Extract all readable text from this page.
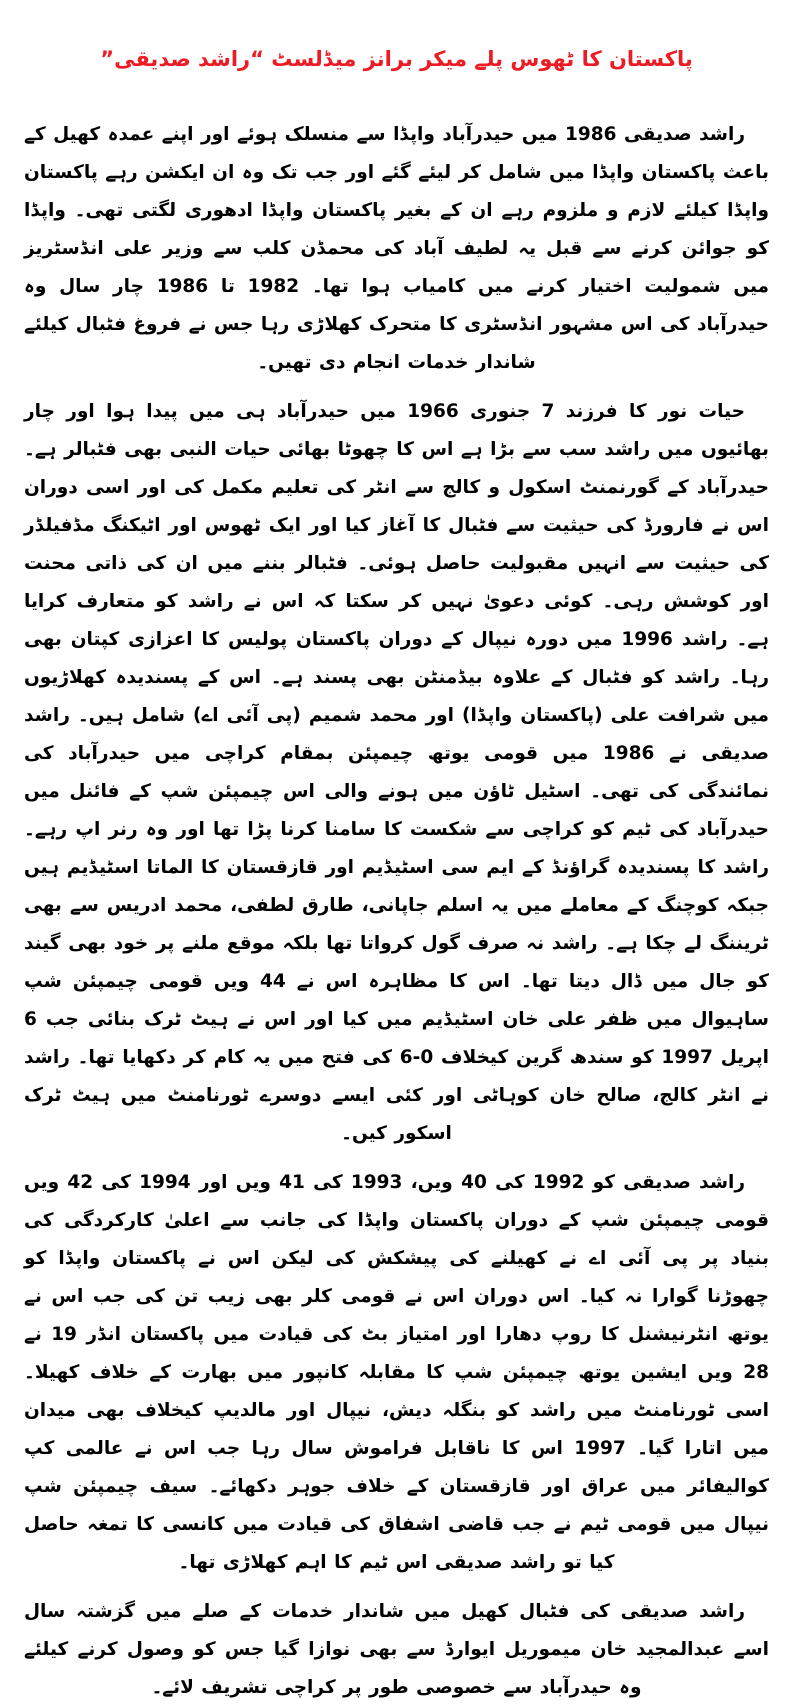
پاکستان کا ٹھوس پلے میکر برانز میڈلسٹ “راشد صدیقی”

راشد صدیقی 1986 میں حیدرآباد واپڈا سے منسلک ہوئے اور اپنے عمدہ کھیل کے باعث پاکستان واپڈا میں شامل کر لیئے گئے اور جب تک وہ ان ایکشن رہے پاکستان واپڈا کیلئے لازم و ملزوم رہے ان کے بغیر پاکستان واپڈا ادھوری لگتی تھی۔ واپڈا کو جوائن کرنے سے قبل یہ لطیف آباد کی محمڈن کلب سے وزیر علی انڈسٹریز میں شمولیت اختیار کرنے میں کامیاب ہوا تھا۔ 1982 تا 1986 چار سال وہ حیدرآباد کی اس مشہور انڈسٹری کا متحرک کھلاڑی رہا جس نے فروغ فٹبال کیلئے شاندار خدمات انجام دی تھیں۔

حیات نور کا فرزند 7 جنوری 1966 میں حیدرآباد ہی میں پیدا ہوا اور چار بھائیوں میں راشد سب سے بڑا ہے اس کا چھوٹا بھائی حیات النبی بھی فٹبالر ہے۔ حیدرآباد کے گورنمنٹ اسکول و کالج سے انٹر کی تعلیم مکمل کی اور اسی دوران اس نے فارورڈ کی حیثیت سے فٹبال کا آغاز کیا اور ایک ٹھوس اور اٹیکنگ مڈفیلڈر کی حیثیت سے انہیں مقبولیت حاصل ہوئی۔ فٹبالر بننے میں ان کی ذاتی محنت اور کوشش رہی۔ کوئی دعویٰ نہیں کر سکتا کہ اس نے راشد کو متعارف کرایا ہے۔ راشد 1996 میں دورہ نیپال کے دوران پاکستان پولیس کا اعزازی کپتان بھی رہا۔ راشد کو فٹبال کے علاوہ بیڈمنٹن بھی پسند ہے۔ اس کے پسندیدہ کھلاڑیوں میں شرافت علی (پاکستان واپڈا) اور محمد شمیم (پی آئی اے) شامل ہیں۔ راشد صدیقی نے 1986 میں قومی یوتھ چیمپئن بمقام کراچی میں حیدرآباد کی نمائندگی کی تھی۔ اسٹیل ٹاؤن میں ہونے والی اس چیمپئن شپ کے فائنل میں حیدرآباد کی ٹیم کو کراچی سے شکست کا سامنا کرنا پڑا تھا اور وہ رنر اپ رہے۔ راشد کا پسندیدہ گراؤنڈ کے ایم سی اسٹیڈیم اور قازقستان کا الماتا اسٹیڈیم ہیں جبکہ کوچنگ کے معاملے میں یہ اسلم جاپانی، طارق لطفی، محمد ادریس سے بھی ٹریننگ لے چکا ہے۔ راشد نہ صرف گول کرواتا تھا بلکہ موقع ملنے پر خود بھی گیند کو جال میں ڈال دیتا تھا۔ اس کا مظاہرہ اس نے 44 ویں قومی چیمپئن شپ ساہیوال میں ظفر علی خان اسٹیڈیم میں کیا اور اس نے ہیٹ ٹرک بنائی جب 6 اپریل 1997 کو سندھ گرین کیخلاف 0-6 کی فتح میں یہ کام کر دکھایا تھا۔ راشد نے انٹر کالج، صالح خان کوہاٹی اور کئی ایسے دوسرے ٹورنامنٹ میں ہیٹ ٹرک اسکور کیں۔

راشد صدیقی کو 1992 کی 40 ویں، 1993 کی 41 ویں اور 1994 کی 42 ویں قومی چیمپئن شپ کے دوران پاکستان واپڈا کی جانب سے اعلیٰ کارکردگی کی بنیاد پر پی آئی اے نے کھیلنے کی پیشکش کی لیکن اس نے پاکستان واپڈا کو چھوڑنا گوارا نہ کیا۔ اس دوران اس نے قومی کلر بھی زیب تن کی جب اس نے یوتھ انٹرنیشنل کا روپ دھارا اور امتیاز بٹ کی قیادت میں پاکستان انڈر 19 نے 28 ویں ایشین یوتھ چیمپئن شپ کا مقابلہ کانپور میں بھارت کے خلاف کھیلا۔ اسی ٹورنامنٹ میں راشد کو بنگلہ دیش، نیپال اور مالدیپ کیخلاف بھی میدان میں اتارا گیا۔ 1997 اس کا ناقابل فراموش سال رہا جب اس نے عالمی کپ کوالیفائر میں عراق اور قازقستان کے خلاف جوہر دکھائے۔ سیف چیمپئن شپ نیپال میں قومی ٹیم نے جب قاضی اشفاق کی قیادت میں کانسی کا تمغہ حاصل کیا تو راشد صدیقی اس ٹیم کا اہم کھلاڑی تھا۔

راشد صدیقی کی فٹبال کھیل میں شاندار خدمات کے صلے میں گزشتہ سال اسے عبدالمجید خان میموریل ایوارڈ سے بھی نوازا گیا جس کو وصول کرنے کیلئے وہ حیدرآباد سے خصوصی طور پر کراچی تشریف لائے۔
